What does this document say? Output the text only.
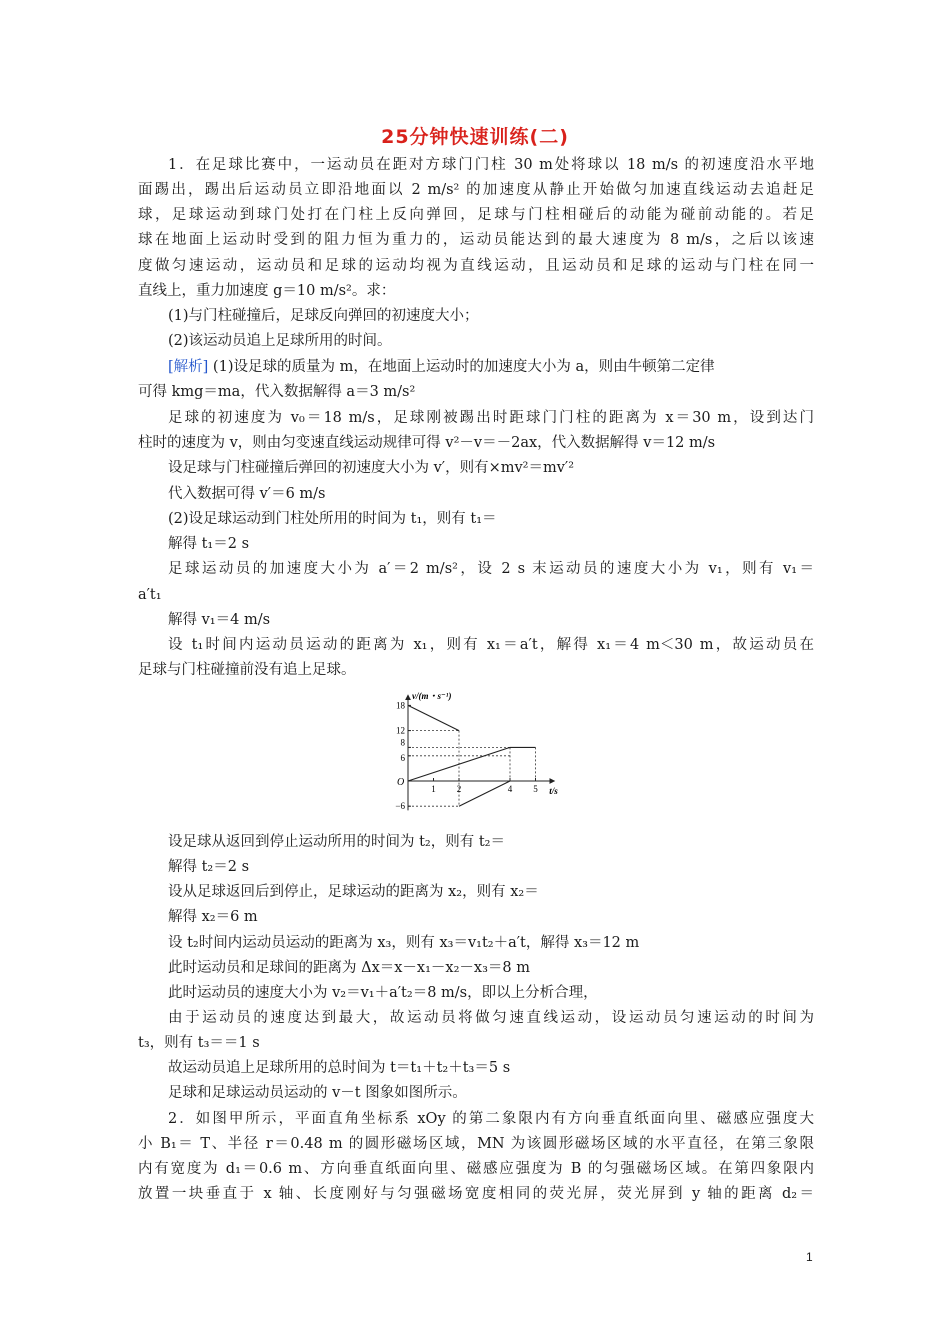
25分钟快速训练(二)
1．在足球比赛中，一运动员在距对方球门门柱 30 m处将球以 18 m/s 的初速度沿水平地
面踢出，踢出后运动员立即沿地面以 2 m/s² 的加速度从静止开始做匀加速直线运动去追赶足
球，足球运动到球门处打在门柱上反向弹回，足球与门柱相碰后的动能为碰前动能的。若足
球在地面上运动时受到的阻力恒为重力的，运动员能达到的最大速度为 8 m/s，之后以该速
度做匀速运动，运动员和足球的运动均视为直线运动，且运动员和足球的运动与门柱在同一
直线上，重力加速度 g＝10 m/s²。求：
(1)与门柱碰撞后，足球反向弹回的初速度大小；
(2)该运动员追上足球所用的时间。
[解析] (1)设足球的质量为 m，在地面上运动时的加速度大小为 a，则由牛顿第二定律
可得 kmg＝ma，代入数据解得 a＝3 m/s²
足球的初速度为 v₀＝18 m/s，足球刚被踢出时距球门门柱的距离为 x＝30 m，设到达门
柱时的速度为 v，则由匀变速直线运动规律可得 v²－v＝－2ax，代入数据解得 v＝12 m/s
设足球与门柱碰撞后弹回的初速度大小为 v′，则有×mv²＝mv′²
代入数据可得 v′＝6 m/s
(2)设足球运动到门柱处所用的时间为 t₁，则有 t₁＝
解得 t₁＝2 s
足球运动员的加速度大小为 a′＝2 m/s²，设 2 s 末运动员的速度大小为 v₁，则有 v₁＝
a′t₁
解得 v₁＝4 m/s
设 t₁时间内运动员运动的距离为 x₁，则有 x₁＝a′t，解得 x₁＝4 m＜30 m，故运动员在
足球与门柱碰撞前没有追上足球。
1 2	4 5
18
12
8
6
−6
v/(m・s⁻¹)
t/s
O
设足球从返回到停止运动所用的时间为 t₂，则有 t₂＝
解得 t₂＝2 s
设从足球返回后到停止，足球运动的距离为 x₂，则有 x₂＝
解得 x₂＝6 m
设 t₂时间内运动员运动的距离为 x₃，则有 x₃＝v₁t₂＋a′t，解得 x₃＝12 m
此时运动员和足球间的距离为 Δx＝x－x₁－x₂－x₃＝8 m
此时运动员的速度大小为 v₂＝v₁＋a′t₂＝8 m/s，即以上分析合理，
由于运动员的速度达到最大，故运动员将做匀速直线运动，设运动员匀速运动的时间为
t₃，则有 t₃＝＝1 s
故运动员追上足球所用的总时间为 t＝t₁＋t₂＋t₃＝5 s
足球和足球运动员运动的 v－t 图象如图所示。
2．如图甲所示，平面直角坐标系 xOy 的第二象限内有方向垂直纸面向里、磁感应强度大
小 B₁＝ T、半径 r＝0.48 m 的圆形磁场区域，MN 为该圆形磁场区域的水平直径，在第三象限
内有宽度为 d₁＝0.6 m、方向垂直纸面向里、磁感应强度为 B 的匀强磁场区域。在第四象限内
放置一块垂直于 x 轴、长度刚好与匀强磁场宽度相同的荧光屏，荧光屏到 y 轴的距离 d₂＝
1
